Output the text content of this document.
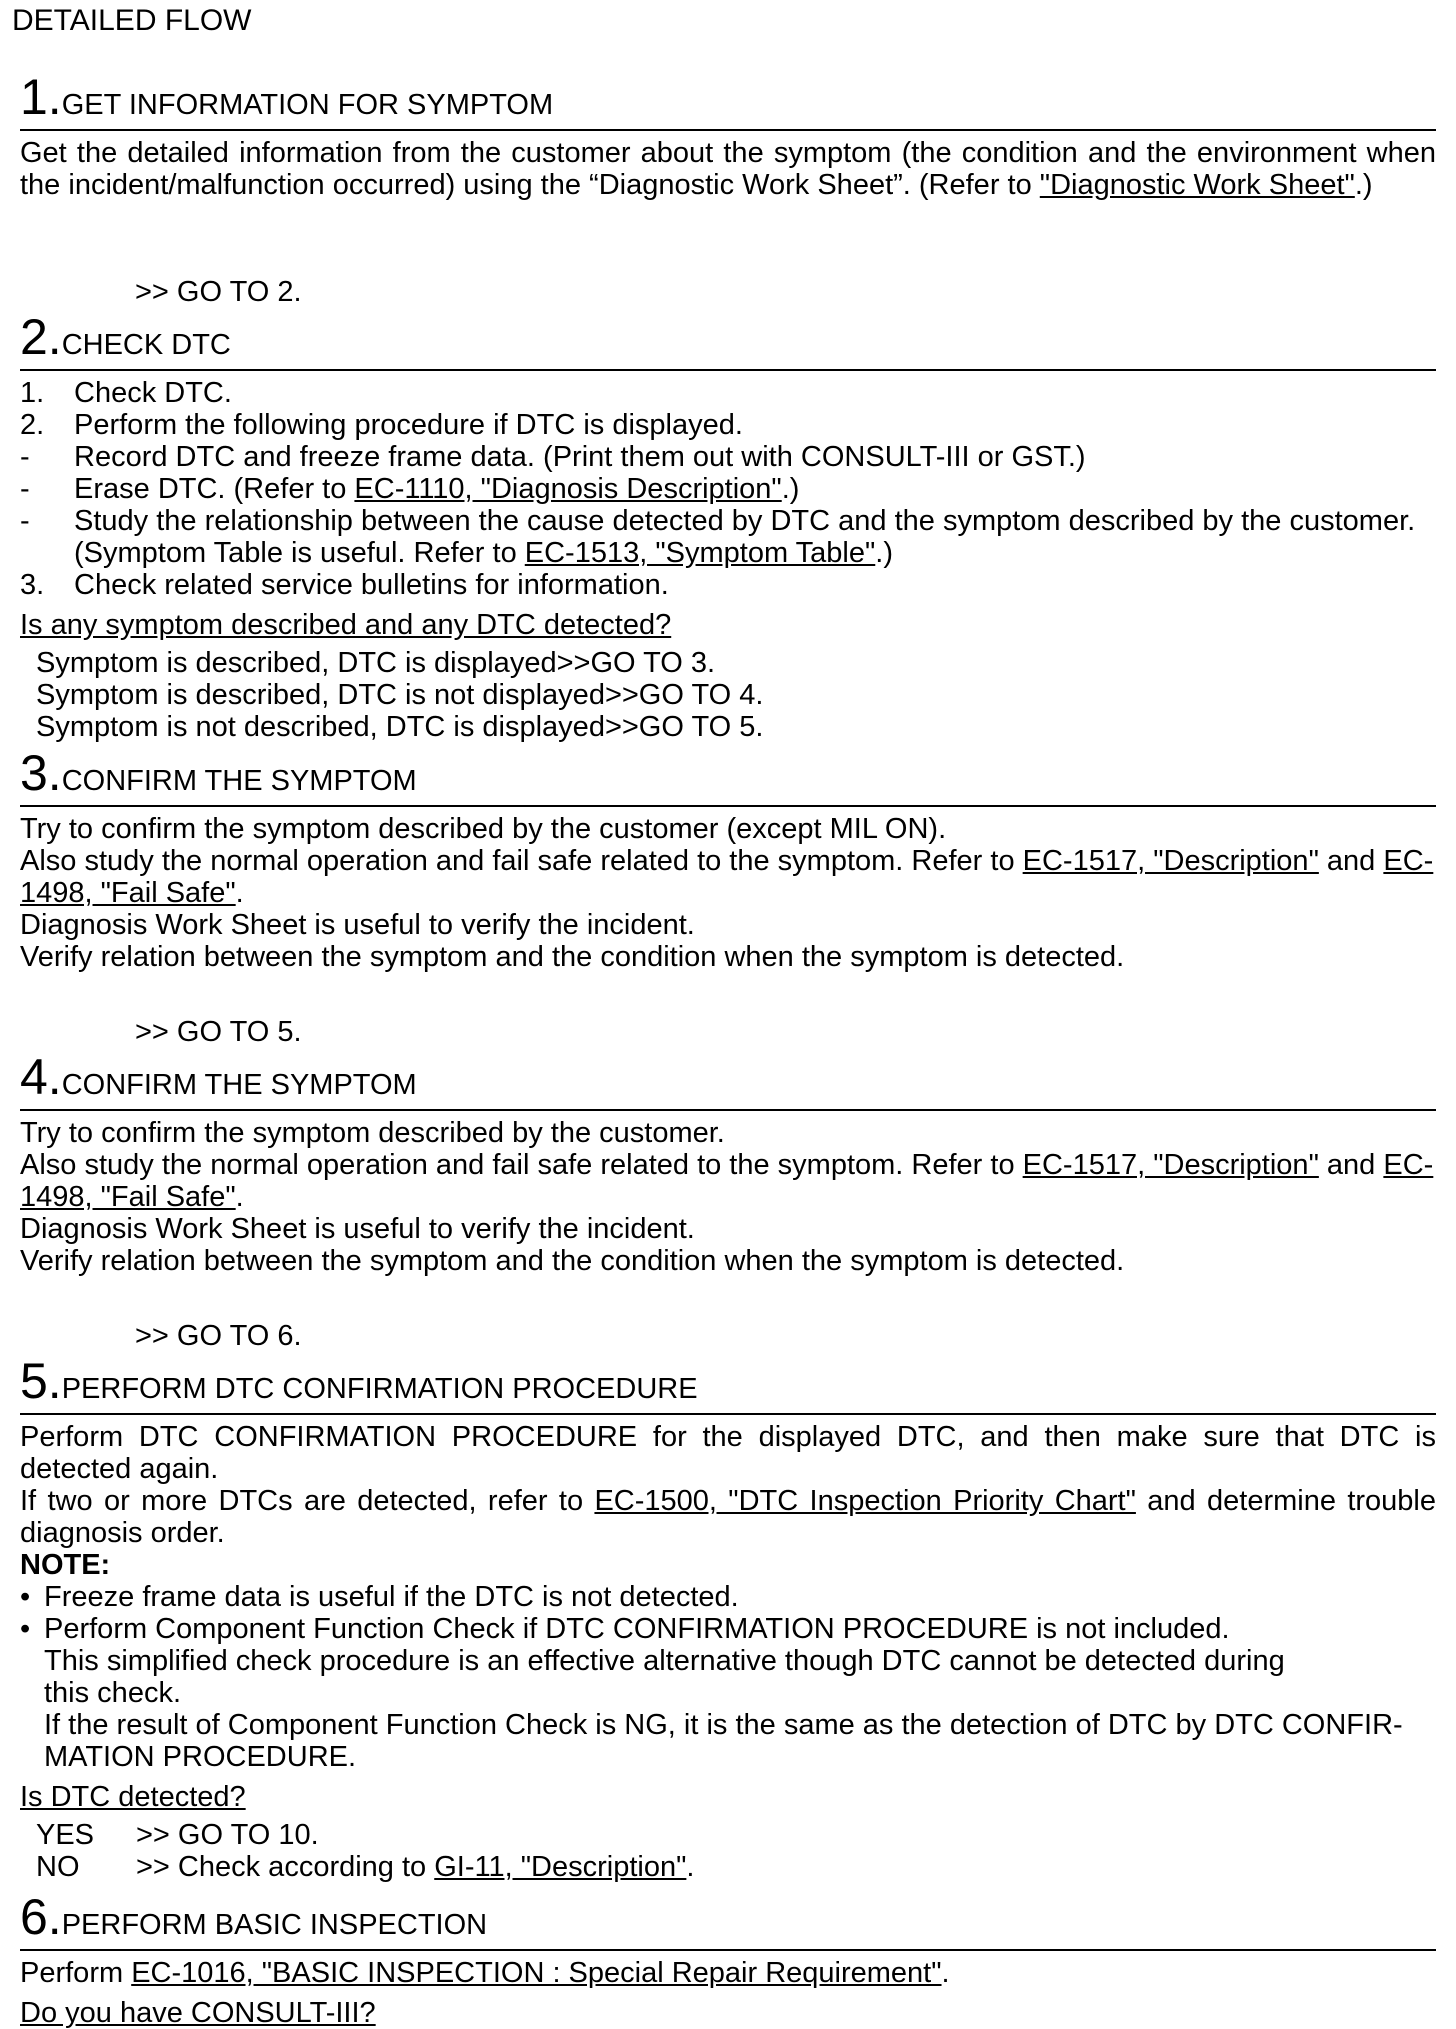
DETAILED FLOW
1. GET INFORMATION FOR SYMPTOM
Get the detailed information from the customer about the symptom (the condition and the environment when the incident/malfunction occurred) using the “Diagnostic Work Sheet”. (Refer to "Diagnostic Work Sheet".)
>> GO TO 2.
2. CHECK DTC
1.	Check DTC.
2.	Perform the following procedure if DTC is displayed.
-	Record DTC and freeze frame data. (Print them out with CONSULT-III or GST.)
-	Erase DTC. (Refer to EC-1110, "Diagnosis Description".)
-	Study the relationship between the cause detected by DTC and the symptom described by the customer.
(Symptom Table is useful. Refer to EC-1513, "Symptom Table".)
3.	Check related service bulletins for information.
Is any symptom described and any DTC detected?
Symptom is described, DTC is displayed>>GO TO 3.
Symptom is described, DTC is not displayed>>GO TO 4.
Symptom is not described, DTC is displayed>>GO TO 5.
3. CONFIRM THE SYMPTOM
Try to confirm the symptom described by the customer (except MIL ON).
Also study the normal operation and fail safe related to the symptom. Refer to EC-1517, "Description" and EC-1498, "Fail Safe".
Diagnosis Work Sheet is useful to verify the incident.
Verify relation between the symptom and the condition when the symptom is detected.
>> GO TO 5.
4. CONFIRM THE SYMPTOM
Try to confirm the symptom described by the customer.
Also study the normal operation and fail safe related to the symptom. Refer to EC-1517, "Description" and EC-1498, "Fail Safe".
Diagnosis Work Sheet is useful to verify the incident.
Verify relation between the symptom and the condition when the symptom is detected.
>> GO TO 6.
5. PERFORM DTC CONFIRMATION PROCEDURE
Perform DTC CONFIRMATION PROCEDURE for the displayed DTC, and then make sure that DTC is detected again.
If two or more DTCs are detected, refer to EC-1500, "DTC Inspection Priority Chart" and determine trouble diagnosis order.
NOTE:
• Freeze frame data is useful if the DTC is not detected.
• Perform Component Function Check if DTC CONFIRMATION PROCEDURE is not included.
This simplified check procedure is an effective alternative though DTC cannot be detected during this check.
If the result of Component Function Check is NG, it is the same as the detection of DTC by DTC CONFIR- MATION PROCEDURE.
Is DTC detected?
YES	>> GO TO 10.
NO	>> Check according to GI-11, "Description".
6. PERFORM BASIC INSPECTION
Perform EC-1016, "BASIC INSPECTION : Special Repair Requirement".
Do you have CONSULT-III?
